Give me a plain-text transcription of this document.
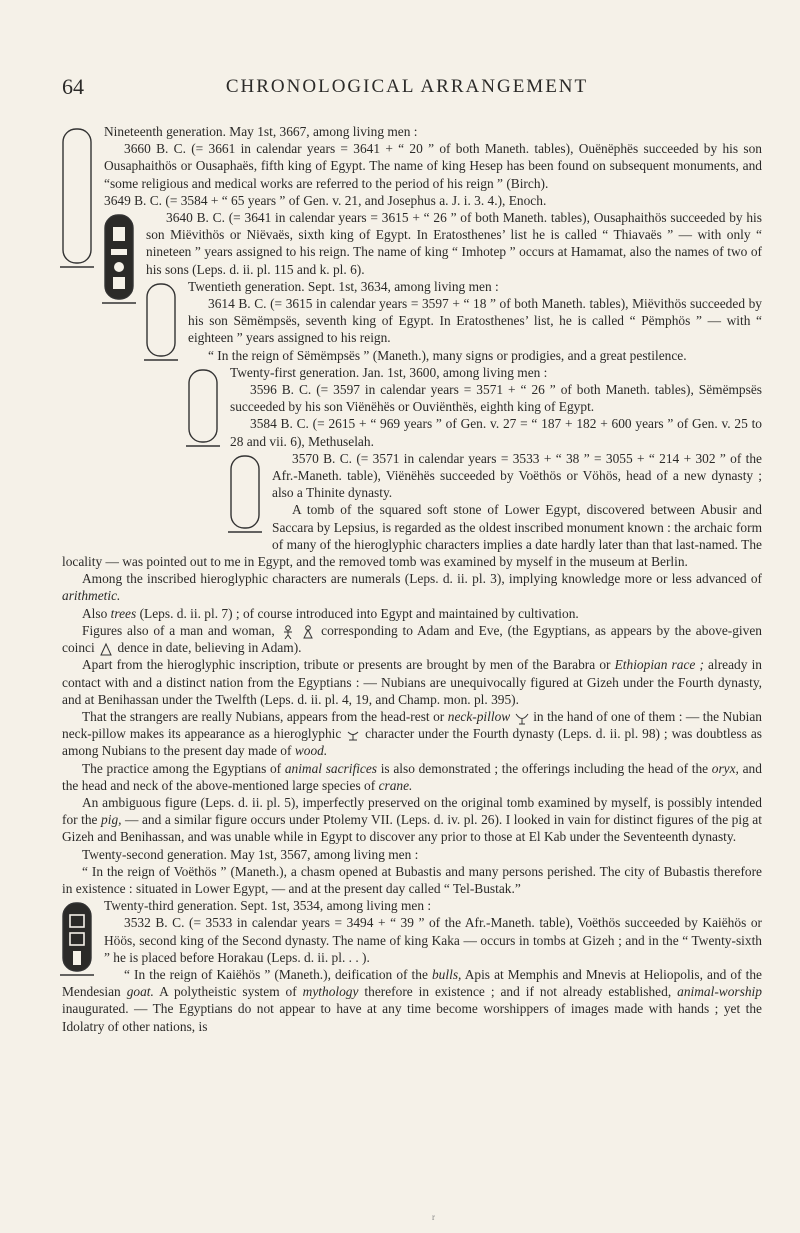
64	CHRONOLOGICAL ARRANGEMENT

Nineteenth generation. May 1st, 3667, among living men :

3660 B. C. (= 3661 in calendar years = 3641 + “ 20 ” of both Maneth. tables), Ouënëphës succeeded by his son Ousaphaithös or Ousaphaës, fifth king of Egypt. The name of king Hesep has been found on subsequent monuments, and “some religious and medical works are referred to the period of his reign ” (Birch).

3649 B. C. (= 3584 + “ 65 years ” of Gen. v. 21, and Josephus a. J. i. 3. 4.), Enoch.

3640 B. C. (= 3641 in calendar years = 3615 + “ 26 ” of both Maneth. tables), Ousaphaithös succeeded by his son Miëvithös or Niëvaës, sixth king of Egypt. In Eratosthenes’ list he is called “ Thiavaës ” — with only “ nineteen ” years assigned to his reign. The name of king “ Imhotep ” occurs at Hamamat, also the names of two of his sons (Leps. d. ii. pl. 115 and k. pl. 6).

Twentieth generation. Sept. 1st, 3634, among living men :

3614 B. C. (= 3615 in calendar years = 3597 + “ 18 ” of both Maneth. tables), Miëvithös succeeded by his son Sëmëmpsës, seventh king of Egypt. In Eratosthenes’ list, he is called “ Pëmphös ” — with “ eighteen ” years assigned to his reign.

“ In the reign of Sëmëmpsës ” (Maneth.), many signs or prodigies, and a great pestilence.

Twenty-first generation. Jan. 1st, 3600, among living men :

3596 B. C. (= 3597 in calendar years = 3571 + “ 26 ” of both Maneth. tables), Sëmëmpsës succeeded by his son Viënëhës or Ouviënthës, eighth king of Egypt.

3584 B. C. (= 2615 + “ 969 years ” of Gen. v. 27 = “ 187 + 182 + 600 years ” of Gen. v. 25 to 28 and vii. 6), Methuselah.

3570 B. C. (= 3571 in calendar years = 3533 + “ 38 ” = 3055 + “ 214 + 302 ” of the Afr.-Maneth. table), Viënëhës succeeded by Voëthös or Vöhös, head of a new dynasty ; also a Thinite dynasty.

A tomb of the squared soft stone of Lower Egypt, discovered between Abusir and Saccara by Lepsius, is regarded as the oldest inscribed monument known : the archaic form of many of the hieroglyphic characters implies a date hardly later than that last-named. The locality — was pointed out to me in Egypt, and the removed tomb was examined by myself in the museum at Berlin.

Among the inscribed hieroglyphic characters are numerals (Leps. d. ii. pl. 3), implying knowledge more or less advanced of arithmetic.

Also trees (Leps. d. ii. pl. 7) ; of course introduced into Egypt and maintained by cultivation.

Figures also of a man and woman,
	corresponding to Adam and Eve, (the Egyptians, as appears by the above-given coinci dence in date, believing in Adam).

Apart from the hieroglyphic inscription, tribute or presents are brought by men of the Barabra or Ethiopian race ; already in contact with and a distinct nation from the Egyptians : — Nubians are unequivocally figured at Gizeh under the Fourth dynasty, and at Benihassan under the Twelfth (Leps. d. ii. pl. 4, 19, and Champ. mon. pl. 395).

That the strangers are really Nubians, appears from the head-rest or neck-pillow in the hand of one of them : — the Nubian neck-pillow makes its appearance as a hieroglyphic character under the Fourth dynasty (Leps. d. ii. pl. 98) ; was doubtless as among Nubians to the present day made of wood.

The practice among the Egyptians of animal sacrifices is also demonstrated ; the offerings including the head of the oryx, and the head and neck of the above-mentioned large species of crane.

An ambiguous figure (Leps. d. ii. pl. 5), imperfectly preserved on the original tomb examined by myself, is possibly intended for the pig, — and a similar figure occurs under Ptolemy VII. (Leps. d. iv. pl. 26). I looked in vain for distinct figures of the pig at Gizeh and Benihassan, and was unable while in Egypt to discover any prior to those at El Kab under the Seventeenth dynasty.

Twenty-second generation. May 1st, 3567, among living men :

“ In the reign of Voëthös ” (Maneth.), a chasm opened at Bubastis and many persons perished. The city of Bubastis therefore in existence : situated in Lower Egypt, — and at the present day called “ Tel-Bustak.”

Twenty-third generation. Sept. 1st, 3534, among living men :

3532 B. C. (= 3533 in calendar years = 3494 + “ 39 ” of the Afr.-Maneth. table), Voëthös succeeded by Kaiëhös or Höös, second king of the Second dynasty. The name of king Kaka — occurs in tombs at Gizeh ; and in the “ Twenty-sixth ” he is placed before Horakau (Leps. d. ii. pl. . . ).

“ In the reign of Kaiëhös ” (Maneth.), deification of the bulls, Apis at Memphis and Mnevis at Heliopolis, and of the Mendesian goat. A polytheistic system of mythology therefore in existence ; and if not already established, animal-worship inaugurated. — The Egyptians do not appear to have at any time become worshippers of images made with hands ; yet the Idolatry of other nations, is

r
